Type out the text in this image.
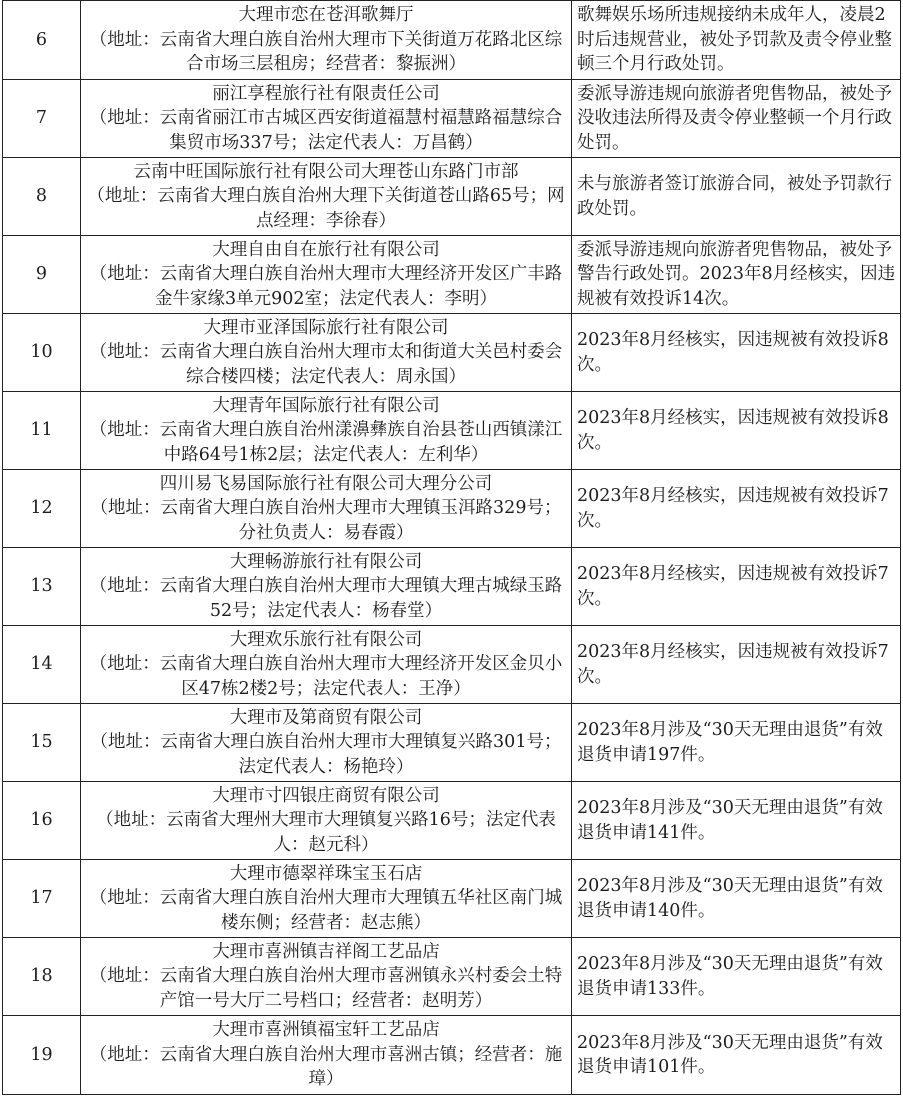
6	大理市恋在苍洱歌舞厅
（地址：云南省大理白族自治州大理市下关街道万花路北区综合市场三层租房；经营者：黎振洲）	歌舞娱乐场所违规接纳未成年人，凌晨2时后违规营业，被处予罚款及责令停业整顿三个月行政处罚。
7	丽江享程旅行社有限责任公司
（地址：云南省丽江市古城区西安街道福慧村福慧路福慧综合集贸市场337号；法定代表人：万昌鹤）	委派导游违规向旅游者兜售物品，被处予没收违法所得及责令停业整顿一个月行政处罚。
8	云南中旺国际旅行社有限公司大理苍山东路门市部
（地址：云南省大理白族自治州大理下关街道苍山路65号；网点经理：李徐春）	未与旅游者签订旅游合同，被处予罚款行政处罚。
9	大理自由自在旅行社有限公司
（地址：云南省大理白族自治州大理市大理经济开发区广丰路金牛家缘3单元902室；法定代表人：李明）	委派导游违规向旅游者兜售物品，被处予警告行政处罚。2023年8月经核实，因违规被有效投诉14次。
10	大理市亚泽国际旅行社有限公司
（地址：云南省大理白族自治州大理市太和街道大关邑村委会综合楼四楼；法定代表人：周永国）	2023年8月经核实，因违规被有效投诉8次。
11	大理青年国际旅行社有限公司
（地址：云南省大理白族自治州漾濞彝族自治县苍山西镇漾江中路64号1栋2层；法定代表人：左利华）	2023年8月经核实，因违规被有效投诉8次。
12	四川易飞易国际旅行社有限公司大理分公司
（地址：云南省大理白族自治州大理市大理镇玉洱路329号；分社负责人：易春霞）	2023年8月经核实，因违规被有效投诉7次。
13	大理畅游旅行社有限公司
（地址：云南省大理白族自治州大理市大理镇大理古城绿玉路52号；法定代表人：杨春堂）	2023年8月经核实，因违规被有效投诉7次。
14	大理欢乐旅行社有限公司
（地址：云南省大理白族自治州大理市大理经济开发区金贝小区47栋2楼2号；法定代表人：王净）	2023年8月经核实，因违规被有效投诉7次。
15	大理市及第商贸有限公司
（地址：云南省大理白族自治州大理市大理镇复兴路301号；法定代表人：杨艳玲）	2023年8月涉及“30天无理由退货”有效退货申请197件。
16	大理市寸四银庄商贸有限公司
（地址：云南省大理州大理市大理镇复兴路16号；法定代表人：赵元科）	2023年8月涉及“30天无理由退货”有效退货申请141件。
17	大理市德翠祥珠宝玉石店
（地址：云南省大理白族自治州大理市大理镇五华社区南门城楼东侧；经营者：赵志熊）	2023年8月涉及“30天无理由退货”有效退货申请140件。
18	大理市喜洲镇吉祥阁工艺品店
（地址：云南省大理白族自治州大理市喜洲镇永兴村委会土特产馆一号大厅二号档口；经营者：赵明芳）	2023年8月涉及“30天无理由退货”有效退货申请133件。
19	大理市喜洲镇福宝轩工艺品店
（地址：云南省大理白族自治州大理市喜洲古镇；经营者：施璋）	2023年8月涉及“30天无理由退货”有效退货申请101件。
